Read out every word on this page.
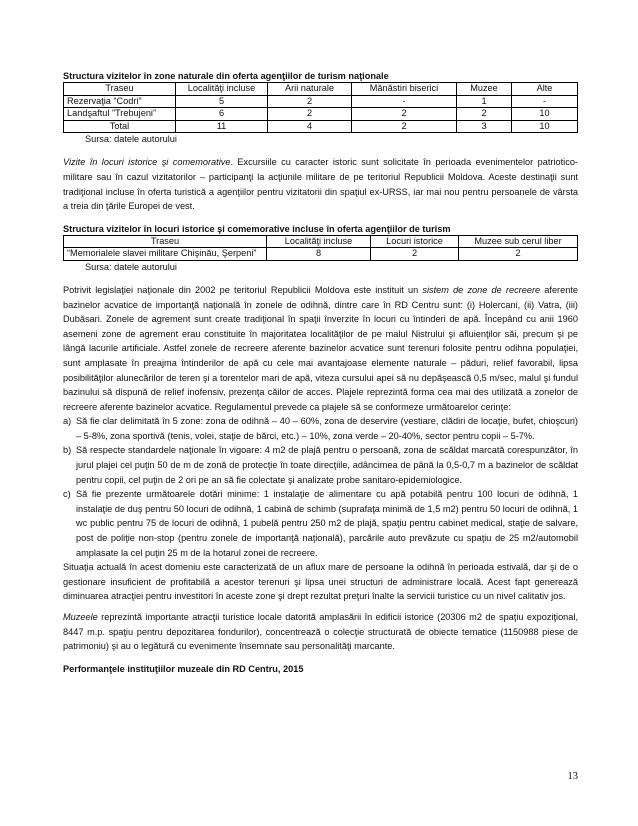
Structura vizitelor în zone naturale din oferta agenţiilor de turism naţionale
Traseu	Localităţi incluse	Arii naturale	Mănăstiri biserici	Muzee	Alte
Rezervaţia “Codri”	5	2	-	1	-
Landşaftul ”Trebujeni”	6	2	2	2	10
Total	11	4	2	3	10
Sursa: datele autorului

Vizite în locuri istorice şi comemorative. Excursiile cu caracter istoric sunt solicitate în perioada evenimentelor patriotico-militare sau în cazul vizitatorilor – participanţi la acţiunile militare de pe teritoriul Republicii Moldova. Aceste destinaţii sunt tradiţional incluse în oferta turistică a agenţiilor pentru vizitatorii din spaţiul ex-URSS, iar mai nou pentru persoanele de vârsta a treia din ţările Europei de vest.

Structura vizitelor în locuri istorice şi comemorative incluse în oferta agenţiilor de turism
Traseu	Localităţi incluse	Locuri istorice	Muzee sub cerul liber
“Memorialele slavei militare Chişinău, Şerpeni”	8	2	2
Sursa: datele autorului

Potrivit legislaţiei naţionale din 2002 pe teritoriul Republicii Moldova este instituit un sistem de zone de recreere aferente bazinelor acvatice de importanţă naţională în zonele de odihnă, dintre care în RD Centru sunt: (i) Holercani, (ii) Vatra, (iii) Dubăsari. Zonele de agrement sunt create tradiţional în spaţii înverzite în locuri cu întinderi de apă. Începând cu anii 1960 asemeni zone de agrement erau constituite în majoritatea localităţilor de pe malul Nistrului şi afluienţilor săi, precum şi pe lângă lacurile artificiale. Astfel zonele de recreere aferente bazinelor acvatice sunt terenuri folosite pentru odihna populaţiei, sunt amplasate în preajma întinderilor de apă cu cele mai avantajoase elemente naturale – păduri, relief favorabil, lipsa posibilităţilor alunecărilor de teren şi a torentelor mari de apă, viteza cursului apei să nu depăşească 0,5 m/sec, malul şi fundul bazinului să dispună de relief inofensiv, prezenţa căilor de acces. Plajele reprezintă forma cea mai des utilizată a zonelor de recreere aferente bazinelor acvatice. Regulamentul prevede ca plajele să se conformeze următoarelor cerinţe:

a) Să fie clar delimitată în 5 zone: zona de odihnă – 40 – 60%, zona de deservire (vestiare, clădiri de locaţie, bufet, chioşcuri) – 5-8%, zona sportivă (tenis, volei, staţie de bărci, etc.) – 10%, zona verde – 20-40%, sector pentru copii – 5-7%.
b) Să respecte standardele naţionale în vigoare: 4 m2 de plajă pentru o persoană, zona de scăldat marcată corespunzător, în jurul plajei cel puţin 50 de m de zonă de protecţie în toate direcţiile, adâncimea de până la 0,5-0,7 m a bazinelor de scăldat pentru copii, cel puţin de 2 ori pe an să fie colectate şi analizate probe sanitaro-epidemiologice.
c) Să fie prezente următoarele dotări minime: 1 instalaţie de alimentare cu apă potabilă pentru 100 locuri de odihnă, 1 instalaţie de duş pentru 50 locuri de odihnă, 1 cabină de schimb (suprafaţa minimă de 1,5 m2) pentru 50 locuri de odihnă, 1 wc public pentru 75 de locuri de odihnă, 1 pubelă pentru 250 m2 de plajă, spaţiu pentru cabinet medical, staţie de salvare, post de poliţie non-stop (pentru zonele de importanţă naţională), parcările auto prevăzute cu spaţiu de 25 m2/automobil amplasate la cel puţin 25 m de la hotarul zonei de recreere.

Situaţia actuală în acest domeniu este caracterizată de un aflux mare de persoane la odihnă în perioada estivală, dar şi de o gestionare insuficient de profitabilă a acestor terenuri şi lipsa unei structuri de administrare locală. Acest fapt generează diminuarea atracţiei pentru investitori în aceste zone şi drept rezultat preţuri înalte la servicii turistice cu un nivel calitativ jos.

Muzeele reprezintă importante atracţii turistice locale datorită amplasării în edificii istorice (20306 m2 de spaţiu expoziţional, 8447 m.p. spaţiu pentru depozitarea fondurilor), concentrează o colecţie structurată de obiecte tematice (1150988 piese de patrimoniu) şi au o legătură cu evenimente însemnate sau personalităţi marcante.

Performanţele instituţiilor muzeale din RD Centru, 2015
13
